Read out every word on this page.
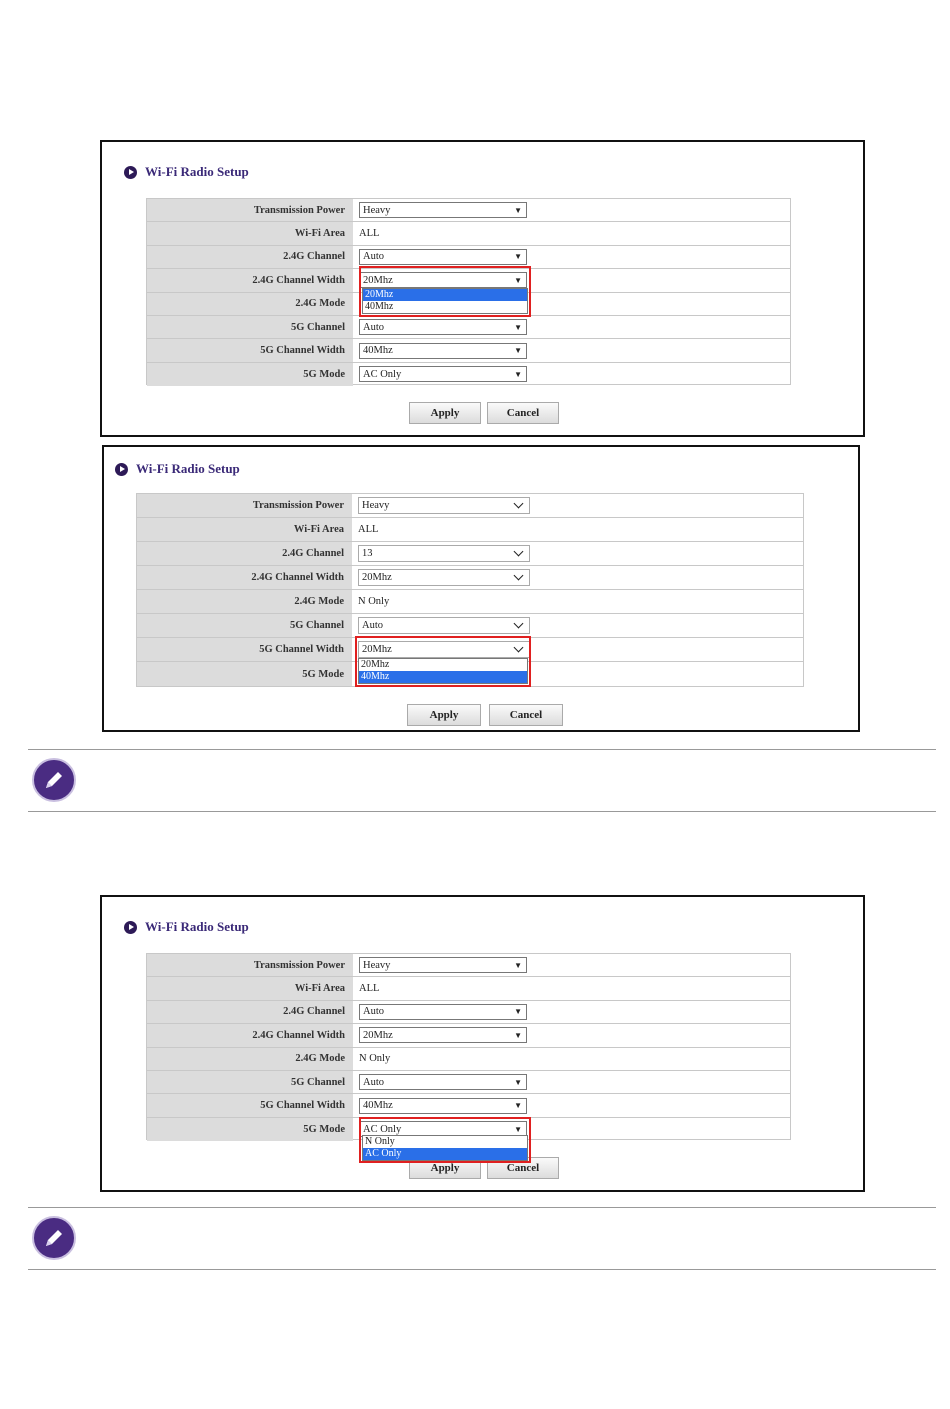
Wi-Fi Radio Setup
Transmission Power	Heavy	▼
Wi-Fi Area	ALL
2.4G Channel	Auto	▼
2.4G Channel Width	20Mhz	▼
2.4G Mode
5G Channel	Auto	▼
5G Channel Width	40Mhz	▼
5G Mode	AC Only	▼
20Mhz
40Mhz
Apply	Cancel
Wi-Fi Radio Setup
Transmission Power	Heavy
Wi-Fi Area	ALL
2.4G Channel	13
2.4G Channel Width	20Mhz
2.4G Mode	N Only
5G Channel	Auto
5G Channel Width	20Mhz
5G Mode
20Mhz
40Mhz
Apply	Cancel
Wi-Fi Radio Setup
Transmission Power	Heavy	▼
Wi-Fi Area	ALL
2.4G Channel	Auto	▼
2.4G Channel Width	20Mhz	▼
2.4G Mode	N Only
5G Channel	Auto	▼
5G Channel Width	40Mhz	▼
5G Mode	AC Only	▼
Apply	Cancel
N Only
AC Only
